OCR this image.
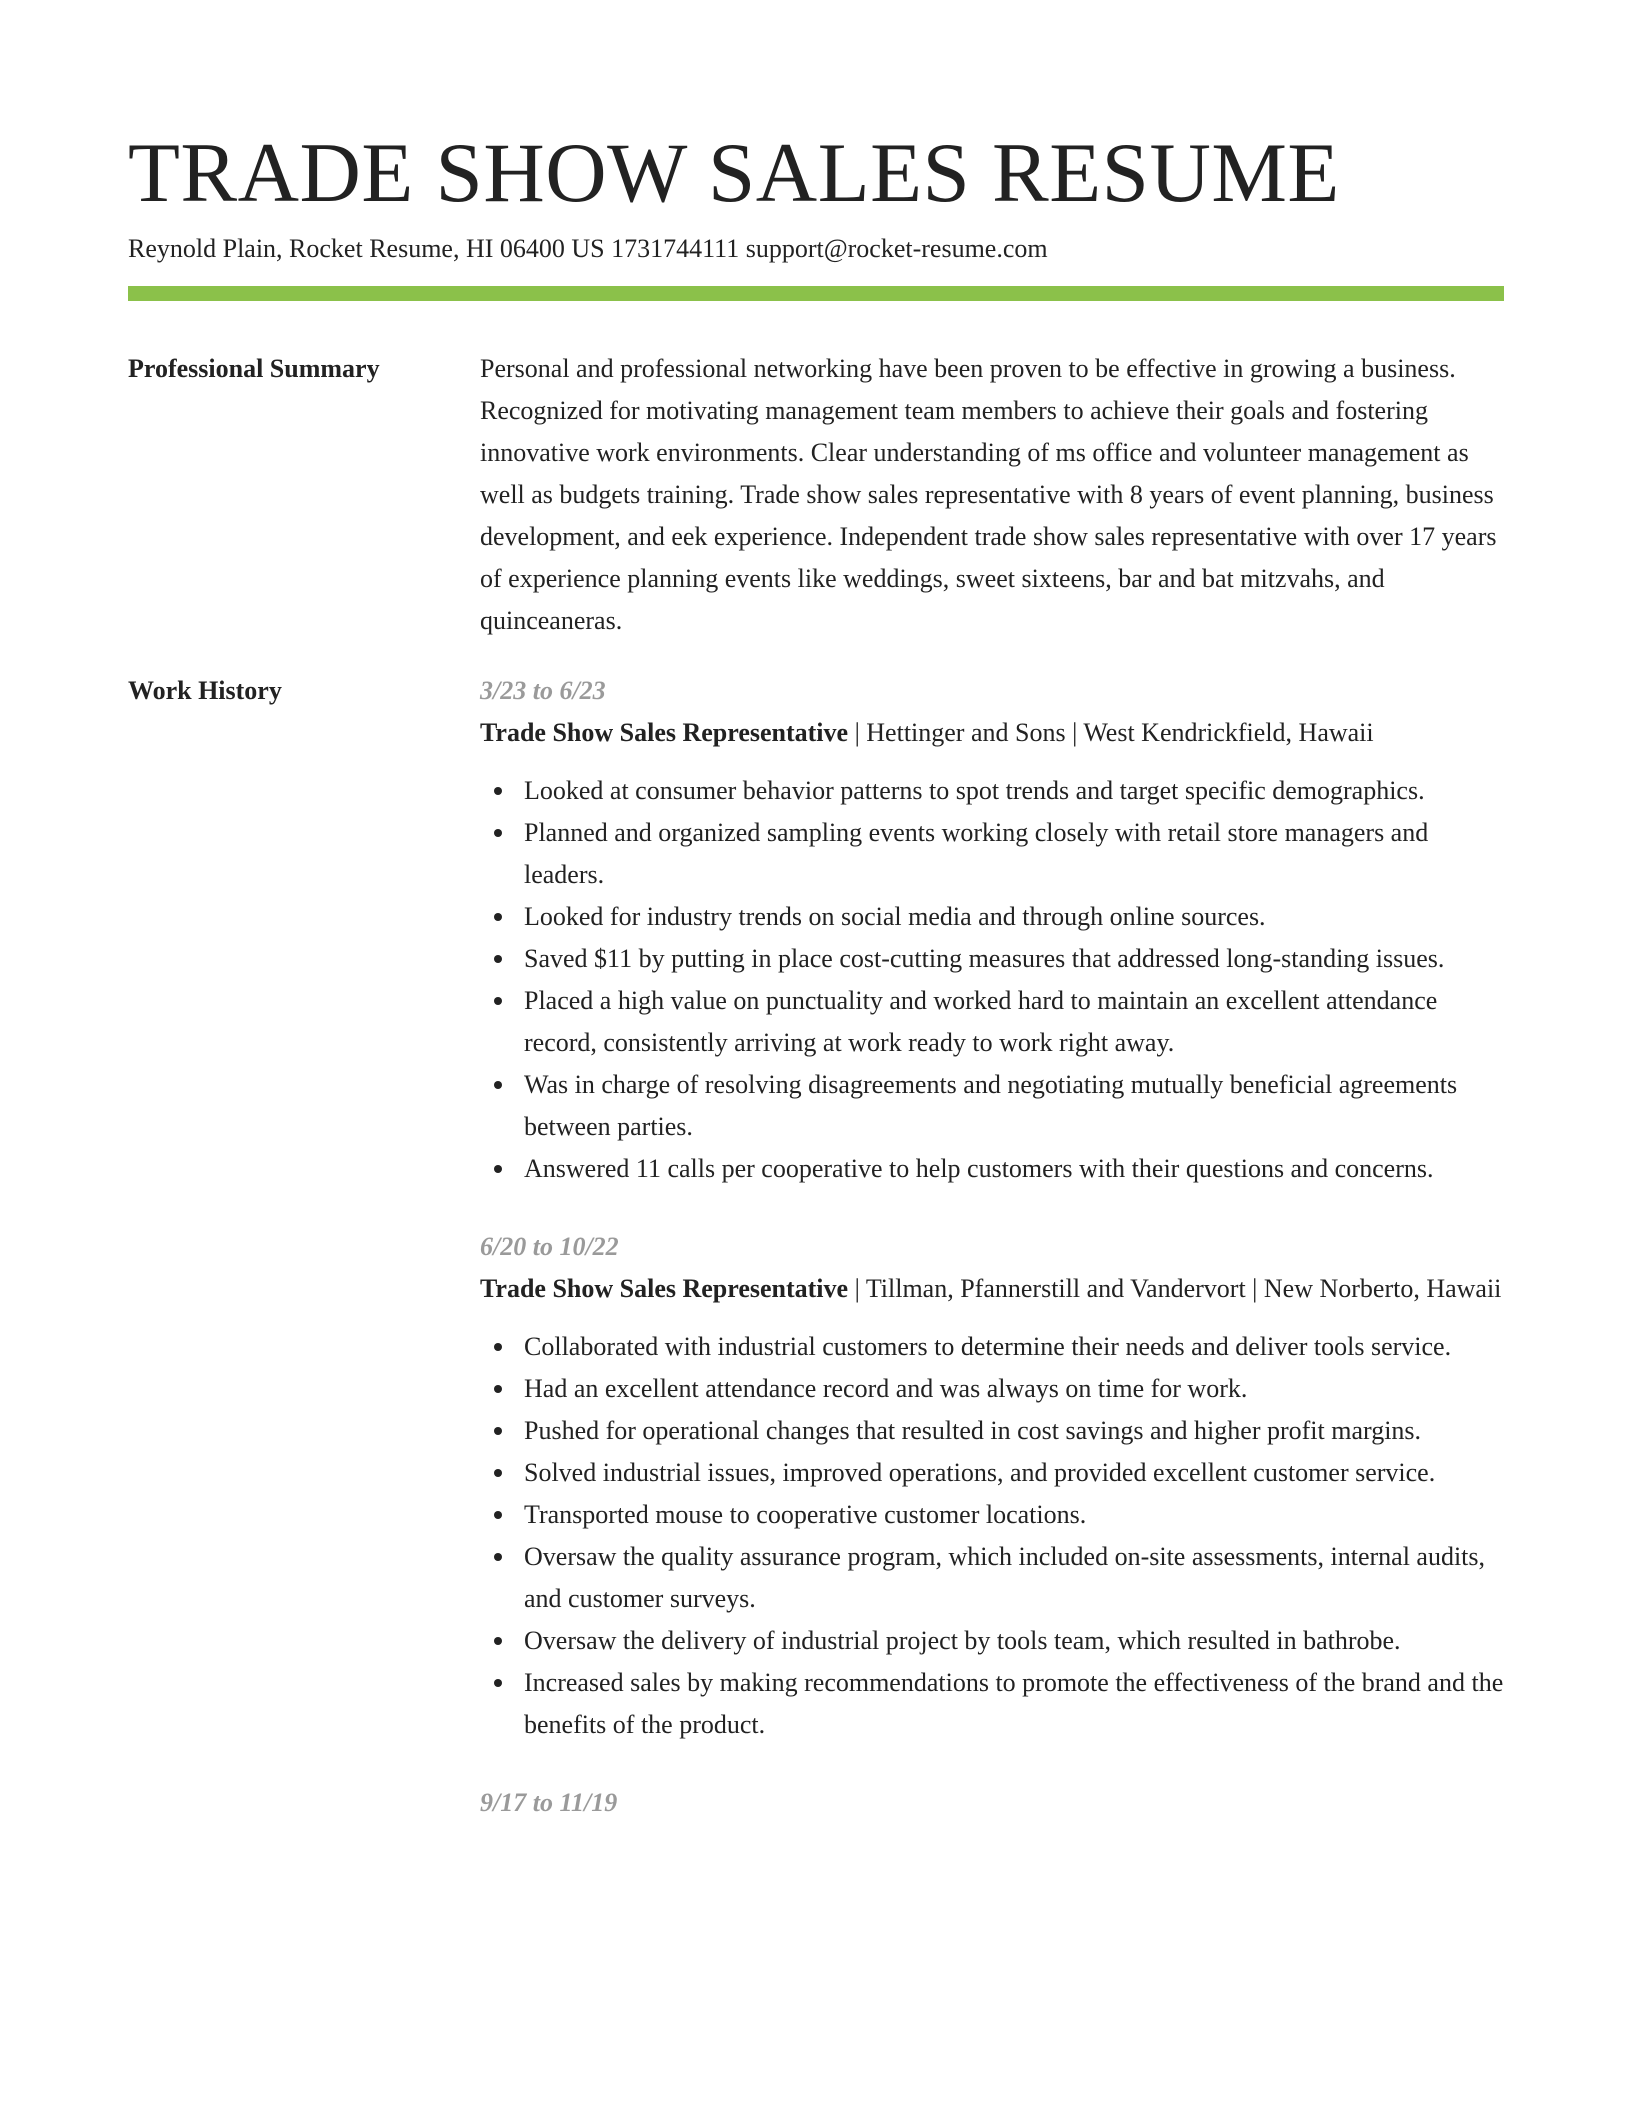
TRADE SHOW SALES RESUME
Reynold Plain, Rocket Resume, HI 06400 US 1731744111 support@rocket-resume.com
Professional Summary	Personal and professional networking have been proven to be effective in growing a business. Recognized for motivating management team members to achieve their goals and fostering innovative work environments. Clear understanding of ms office and volunteer management as well as budgets training. Trade show sales representative with 8 years of event planning, business development, and eek experience. Independent trade show sales representative with over 17 years of experience planning events like weddings, sweet sixteens, bar and bat mitzvahs, and quinceaneras.

Work History	3/23 to 6/23
Trade Show Sales Representative | Hettinger and Sons | West Kendrickfield, Hawaii
Looked at consumer behavior patterns to spot trends and target specific demographics.
Planned and organized sampling events working closely with retail store managers and leaders.
Looked for industry trends on social media and through online sources.
Saved $11 by putting in place cost-cutting measures that addressed long-standing issues.
Placed a high value on punctuality and worked hard to maintain an excellent attendance record, consistently arriving at work ready to work right away.
Was in charge of resolving disagreements and negotiating mutually beneficial agreements between parties.
Answered 11 calls per cooperative to help customers with their questions and concerns.
6/20 to 10/22
Trade Show Sales Representative | Tillman, Pfannerstill and Vandervort | New Norberto, Hawaii
Collaborated with industrial customers to determine their needs and deliver tools service.
Had an excellent attendance record and was always on time for work.
Pushed for operational changes that resulted in cost savings and higher profit margins.
Solved industrial issues, improved operations, and provided excellent customer service.
Transported mouse to cooperative customer locations.
Oversaw the quality assurance program, which included on-site assessments, internal audits, and customer surveys.
Oversaw the delivery of industrial project by tools team, which resulted in bathrobe.
Increased sales by making recommendations to promote the effectiveness of the brand and the benefits of the product.
9/17 to 11/19
